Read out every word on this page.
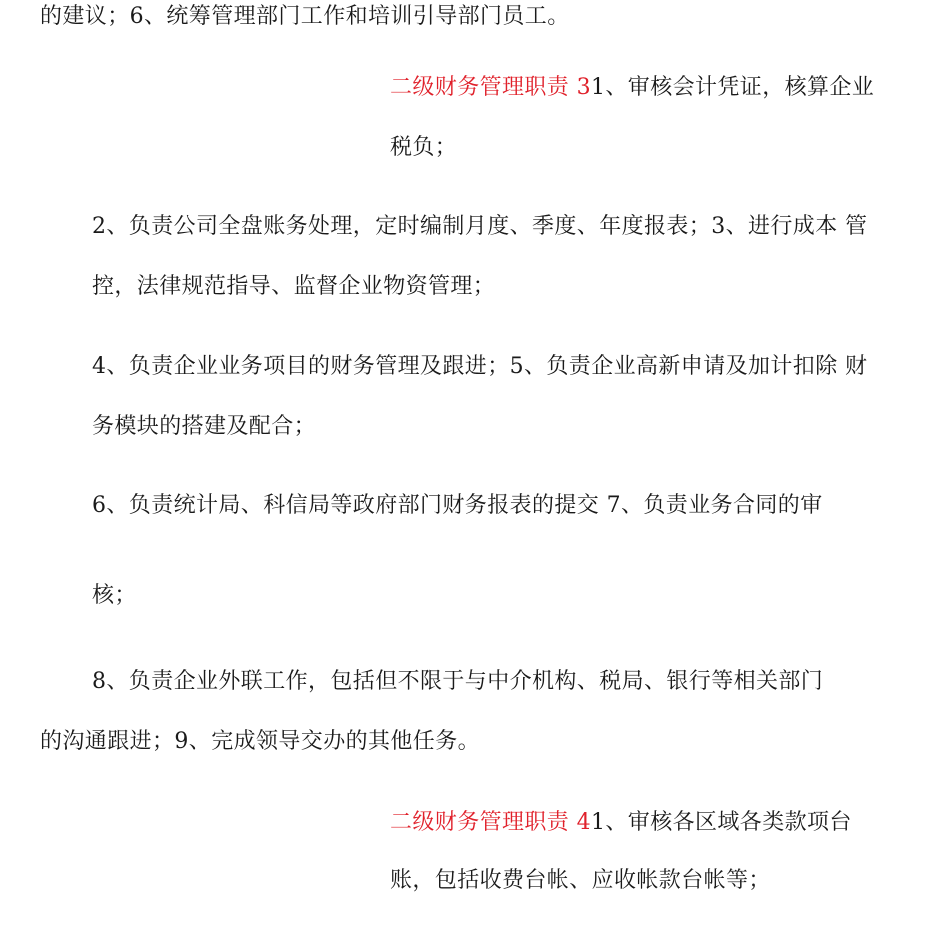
的建议；6、统筹管理部门工作和培训引导部门员工。
二级财务管理职责 31、审核会计凭证，核算企业
税负；
2、负责公司全盘账务处理，定时编制月度、季度、年度报表；3、进行成本 管
控，法律规范指导、监督企业物资管理；
4、负责企业业务项目的财务管理及跟进；5、负责企业高新申请及加计扣除 财
务模块的搭建及配合；
6、负责统计局、科信局等政府部门财务报表的提交 7、负责业务合同的审
核；
8、负责企业外联工作，包括但不限于与中介机构、税局、银行等相关部门
的沟通跟进；9、完成领导交办的其他任务。
二级财务管理职责 41、审核各区域各类款项台
账，包括收费台帐、应收帐款台帐等；
